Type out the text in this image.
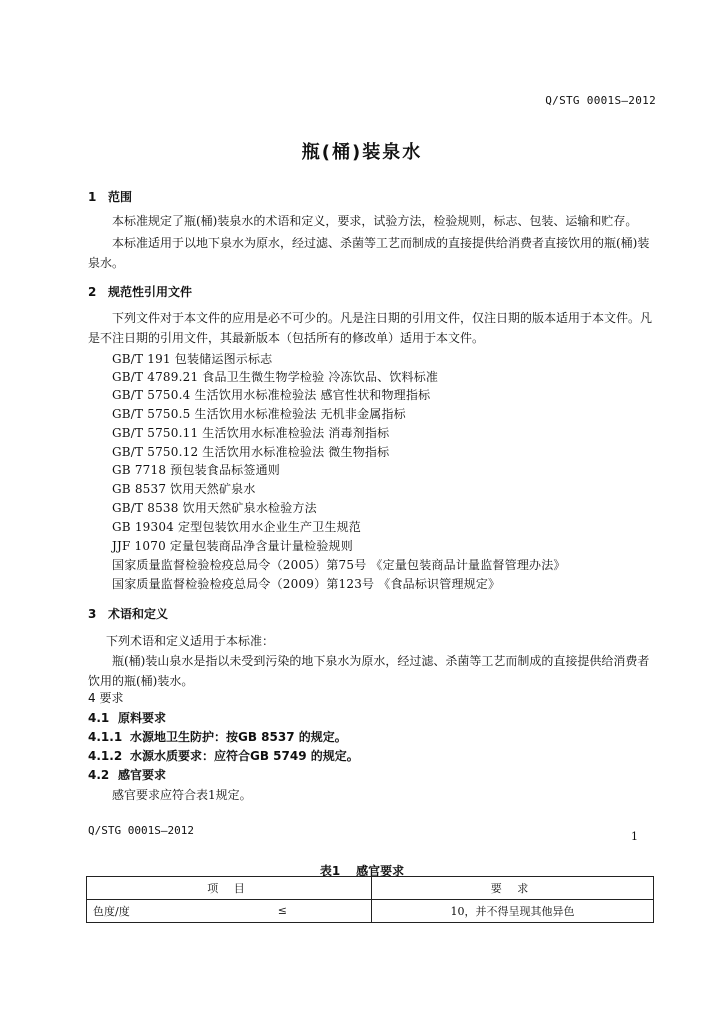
Q/STG 0001S—2012
瓶(桶)装泉水
1 范围

本标准规定了瓶(桶)装泉水的术语和定义，要求，试验方法，检验规则，标志、包装、运输和贮存。

本标准适用于以地下泉水为原水，经过滤、杀菌等工艺而制成的直接提供给消费者直接饮用的瓶(桶)装泉水。

2 规范性引用文件

下列文件对于本文件的应用是必不可少的。凡是注日期的引用文件，仅注日期的版本适用于本文件。凡是不注日期的引用文件，其最新版本（包括所有的修改单）适用于本文件。

GB/T 191 包装储运图示标志
GB/T 4789.21 食品卫生微生物学检验 冷冻饮品、饮料标准
GB/T 5750.4 生活饮用水标准检验法 感官性状和物理指标
GB/T 5750.5 生活饮用水标准检验法 无机非金属指标
GB/T 5750.11 生活饮用水标准检验法 消毒剂指标
GB/T 5750.12 生活饮用水标准检验法 微生物指标
GB 7718 预包装食品标签通则
GB 8537 饮用天然矿泉水
GB/T 8538 饮用天然矿泉水检验方法
GB 19304 定型包装饮用水企业生产卫生规范
JJF 1070 定量包装商品净含量计量检验规则
国家质量监督检验检疫总局令（2005）第75号 《定量包装商品计量监督管理办法》
国家质量监督检验检疫总局令（2009）第123号 《食品标识管理规定》
3 术语和定义
下列术语和定义适用于本标准：

瓶(桶)装山泉水是指以未受到污染的地下泉水为原水，经过滤、杀菌等工艺而制成的直接提供给消费者饮用的瓶(桶)装水。

4 要求
4.1 原料要求
4.1.1 水源地卫生防护：按GB 8537 的规定。
4.1.2 水源水质要求：应符合GB 5749 的规定。
4.2 感官要求
感官要求应符合表1规定。
Q/STG 0001S—2012	1
表1 感官要求
项 目	要 求
色度/度 ≤	10，并不得呈现其他异色
